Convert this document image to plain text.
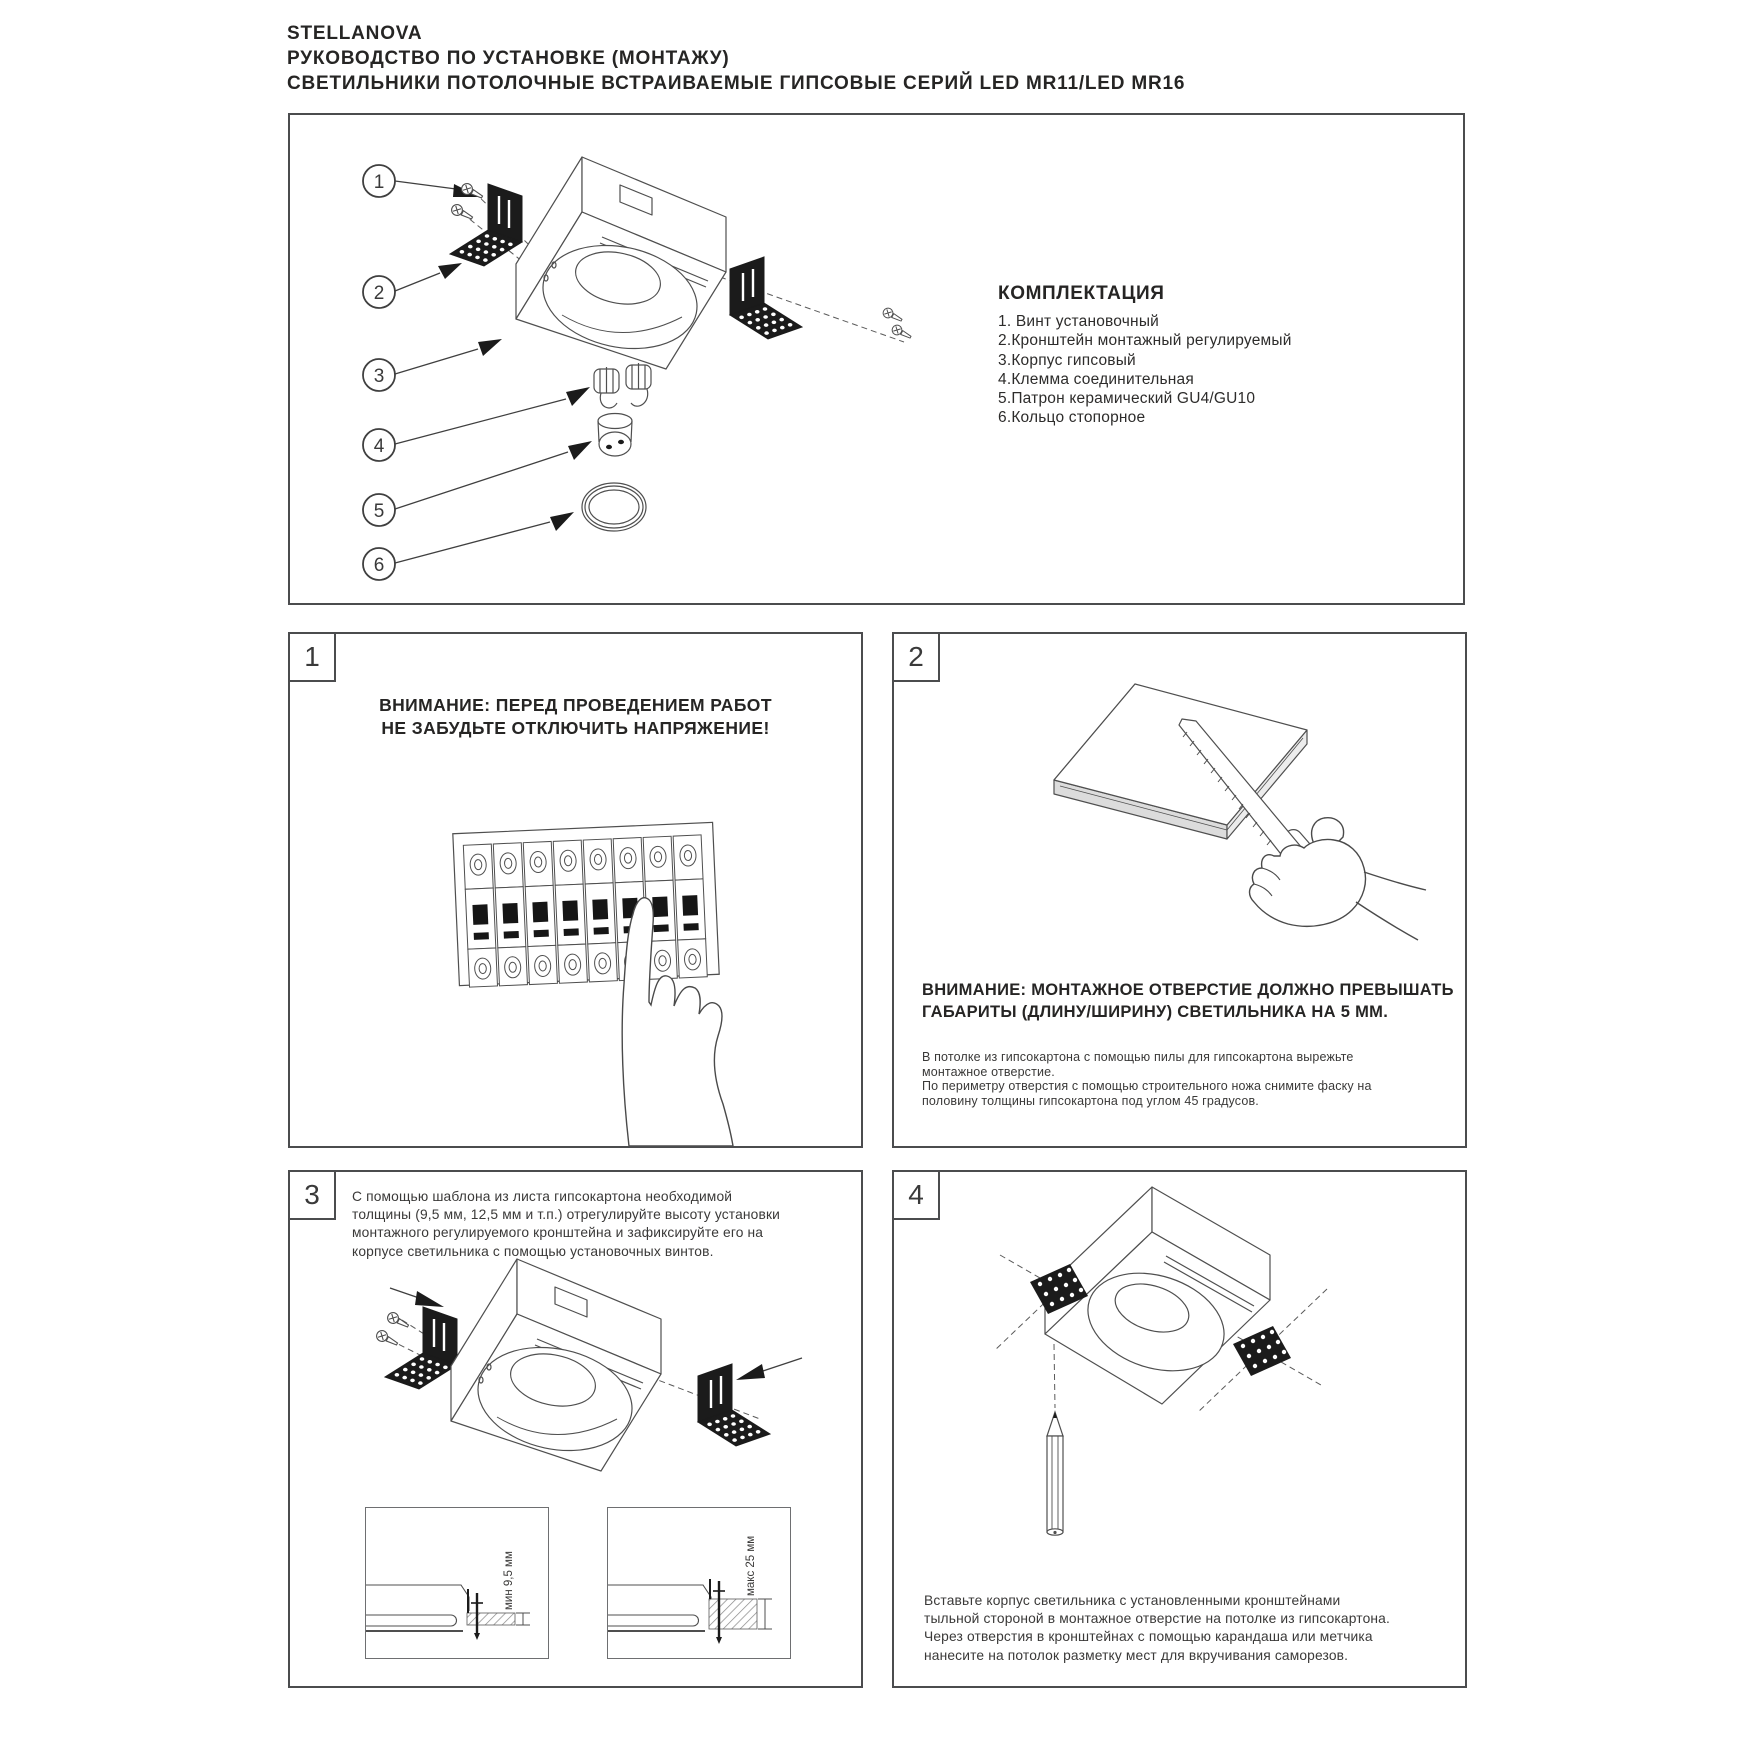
STELLANOVA
РУКОВОДСТВО ПО УСТАНОВКЕ (МОНТАЖУ)
СВЕТИЛЬНИКИ ПОТОЛОЧНЫЕ ВСТРАИВАЕМЫЕ ГИПСОВЫЕ СЕРИЙ LED MR11/LED MR16
1
2
3
4
5
6
КОМПЛЕКТАЦИЯ
1. Винт установочный
2.Кронштейн монтажный регулируемый
3.Корпус гипсовый
4.Клемма соединительная
5.Патрон керамический GU4/GU10
6.Кольцо стопорное
1
ВНИМАНИЕ: ПЕРЕД ПРОВЕДЕНИЕМ РАБОТ
НЕ ЗАБУДЬТЕ ОТКЛЮЧИТЬ НАПРЯЖЕНИЕ!
2
ВНИМАНИЕ: МОНТАЖНОЕ ОТВЕРСТИЕ ДОЛЖНО ПРЕВЫШАТЬ
ГАБАРИТЫ (ДЛИНУ/ШИРИНУ) СВЕТИЛЬНИКА НА 5 ММ.
В потолке из гипсокартона с помощью пилы для гипсокартона вырежьте
монтажное отверстие.
По периметру отверстия с помощью строительного ножа снимите фаску на
половину толщины гипсокартона под углом 45 градусов.
3	С помощью шаблона из листа гипсокартона необходимой
толщины (9,5 мм, 12,5 мм и т.п.) отрегулируйте высоту установки
монтажного регулируемого кронштейна и зафиксируйте его на
корпусе светильника с помощью установочных винтов.
мин 9,5 мм	макс 25 мм
4
Вставьте корпус светильника с установленными кронштейнами
тыльной стороной в монтажное отверстие на потолке из гипсокартона.
Через отверстия в кронштейнах с помощью карандаша или метчика
нанесите на потолок разметку мест для вкручивания саморезов.
